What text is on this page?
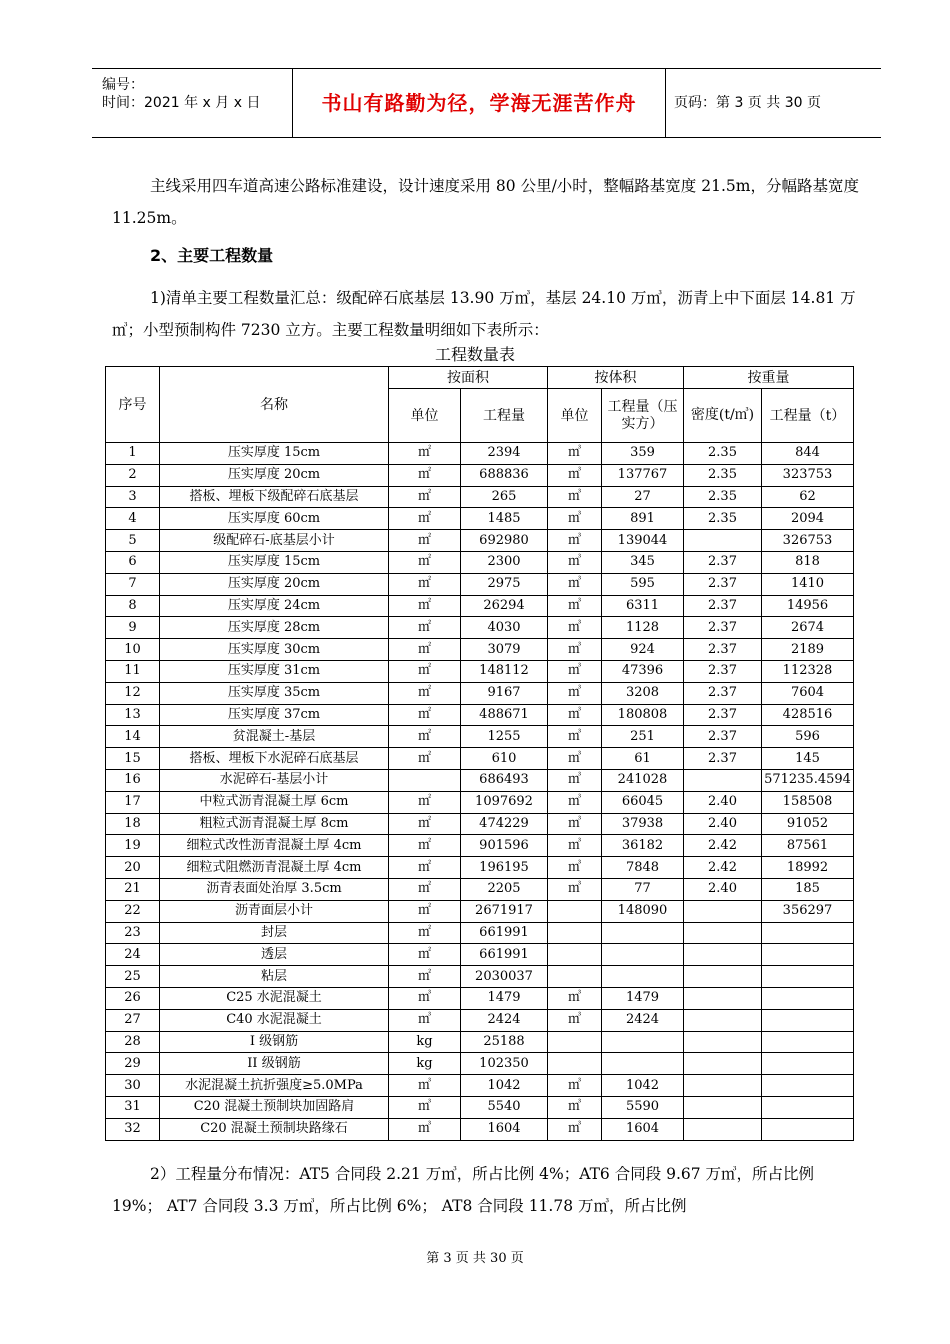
编号：
时间：2021 年 x 月 x 日	书山有路勤为径，学海无涯苦作舟	页码：第 3 页 共 30 页
主线采用四车道高速公路标准建设，设计速度采用 80 公里/小时，整幅路基宽度 21.5m，分幅路基宽度 11.25m。
2、主要工程数量
1)清单主要工程数量汇总：级配碎石底基层 13.90 万㎥，基层 24.10 万㎥，沥青上中下面层 14.81 万㎥；小型预制构件 7230 立方。主要工程数量明细如下表所示：
工程数量表
序号	名称	按面积		按体积		按重量	
		单位	工程量	单位	工程量（压实方）	密度(t/㎥)	工程量（t）
1	压实厚度 15cm	㎡	2394	㎥	359	2.35	844
2	压实厚度 20cm	㎡	688836	㎥	137767	2.35	323753
3	搭板、埋板下级配碎石底基层	㎡	265	㎥	27	2.35	62
4	压实厚度 60cm	㎡	1485	㎥	891	2.35	2094
5	级配碎石-底基层小计	㎡	692980	㎥	139044		326753
6	压实厚度 15cm	㎡	2300	㎥	345	2.37	818
7	压实厚度 20cm	㎡	2975	㎥	595	2.37	1410
8	压实厚度 24cm	㎡	26294	㎥	6311	2.37	14956
9	压实厚度 28cm	㎡	4030	㎥	1128	2.37	2674
10	压实厚度 30cm	㎡	3079	㎥	924	2.37	2189
11	压实厚度 31cm	㎡	148112	㎥	47396	2.37	112328
12	压实厚度 35cm	㎡	9167	㎥	3208	2.37	7604
13	压实厚度 37cm	㎡	488671	㎥	180808	2.37	428516
14	贫混凝土-基层	㎡	1255	㎥	251	2.37	596
15	搭板、埋板下水泥碎石底基层	㎡	610	㎥	61	2.37	145
16	水泥碎石-基层小计		686493	㎥	241028		571235.4594
17	中粒式沥青混凝土厚 6cm	㎡	1097692	㎥	66045	2.40	158508
18	粗粒式沥青混凝土厚 8cm	㎡	474229	㎥	37938	2.40	91052
19	细粒式改性沥青混凝土厚 4cm	㎡	901596	㎥	36182	2.42	87561
20	细粒式阻燃沥青混凝土厚 4cm	㎡	196195	㎥	7848	2.42	18992
21	沥青表面处治厚 3.5cm	㎡	2205	㎥	77	2.40	185
22	沥青面层小计	㎡	2671917		148090		356297
23	封层	㎡	661991				
24	透层	㎡	661991				
25	粘层	㎡	2030037				
26	C25 水泥混凝土	㎥	1479	㎥	1479		
27	C40 水泥混凝土	㎥	2424	㎥	2424		
28	I 级钢筋	kg	25188				
29	II 级钢筋	kg	102350				
30	水泥混凝土抗折强度≥5.0MPa	㎥	1042	㎥	1042		
31	C20 混凝土预制块加固路肩	㎥	5540	㎥	5590		
32	C20 混凝土预制块路缘石	㎥	1604	㎥	1604		
2）工程量分布情况：AT5 合同段 2.21 万㎥，所占比例 4%；AT6 合同段 9.67 万㎥，所占比例 19%； AT7 合同段 3.3 万㎥，所占比例 6%； AT8 合同段 11.78 万㎥，所占比例
第 3 页 共 30 页
